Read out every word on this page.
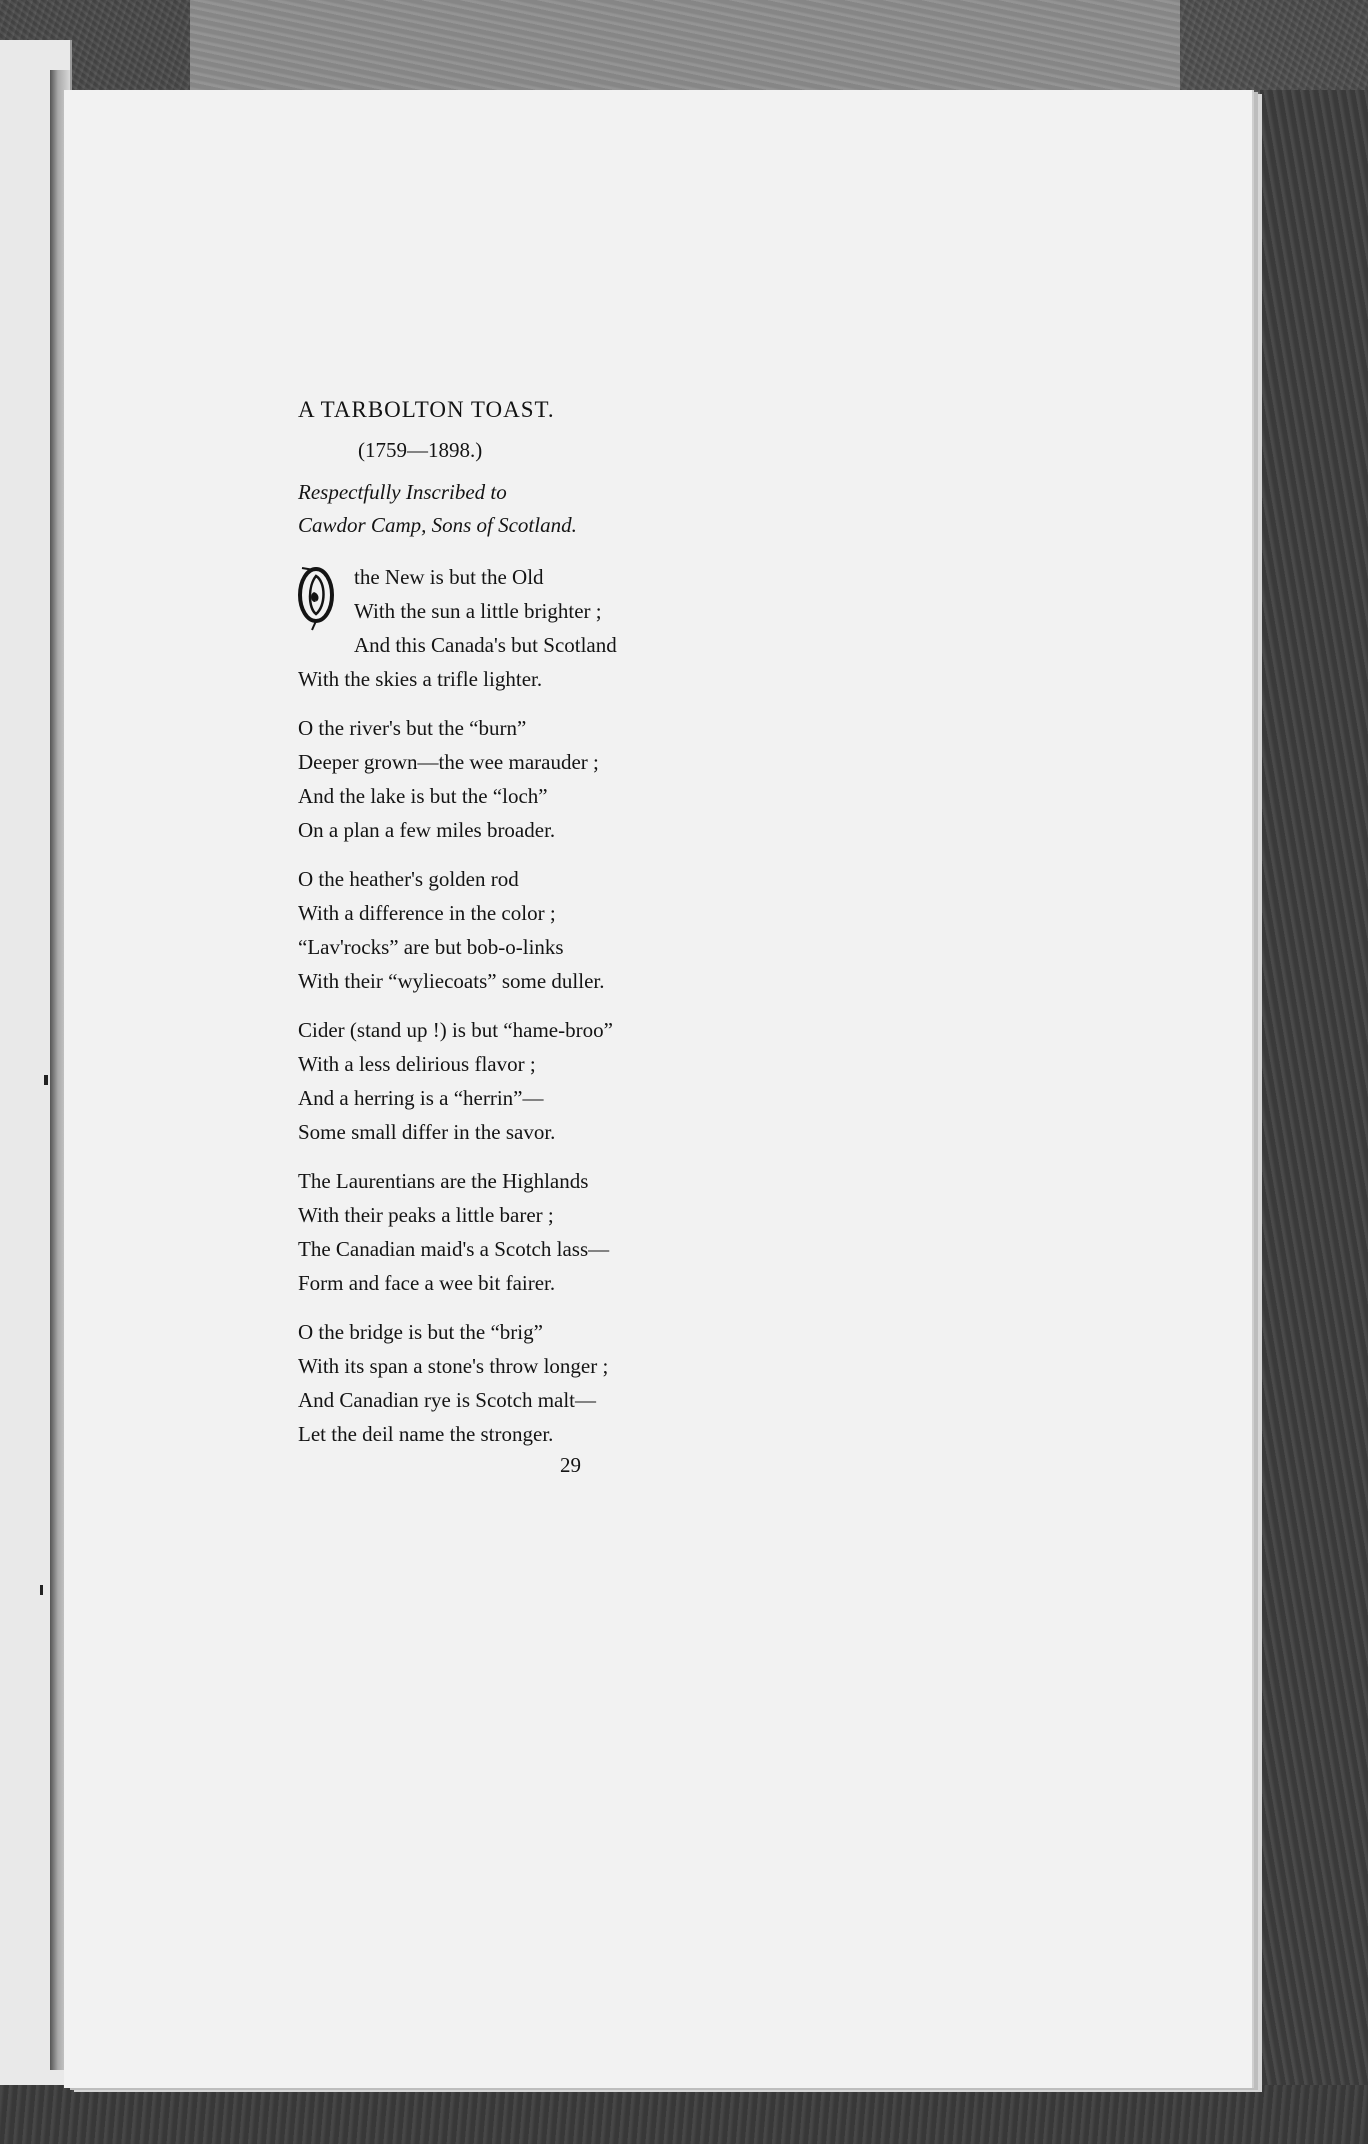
A TARBOLTON TOAST.
(1759—1898.)
Respectfully Inscribed to
Cawdor Camp, Sons of Scotland.
O
the New is but the Old
With the sun a little brighter ;
And this Canada's but Scotland
With the skies a trifle lighter.
O the river's but the “burn”
Deeper grown—the wee marauder ;
And the lake is but the “loch”
On a plan a few miles broader.
O the heather's golden rod
With a difference in the color ;
“Lav'rocks” are but bob-o-links
With their “wyliecoats” some duller.
Cider (stand up !) is but “hame-broo”
With a less delirious flavor ;
And a herring is a “herrin”—
Some small differ in the savor.
The Laurentians are the Highlands
With their peaks a little barer ;
The Canadian maid's a Scotch lass—
Form and face a wee bit fairer.
O the bridge is but the “brig”
With its span a stone's throw longer ;
And Canadian rye is Scotch malt—
Let the deil name the stronger.
29
